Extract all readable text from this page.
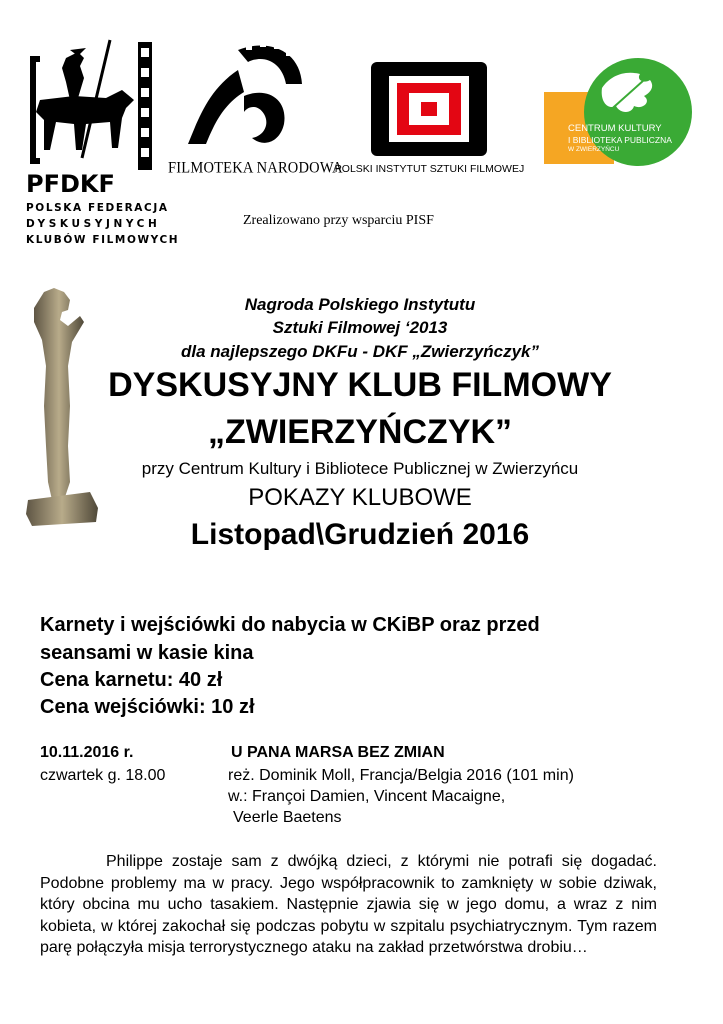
PFDKF
POLSKA FEDERACJA
DYSKUSYJNYCH
KLUBÓW FILMOWYCH
FILMOTEKA NARODOWA
POLSKI INSTYTUT SZTUKI FILMOWEJ
CENTRUM KULTURY
I BIBLIOTEKA PUBLICZNA
W ZWIERZYŃCU
Zrealizowano przy wsparciu PISF
Nagroda Polskiego Instytutu
Sztuki Filmowej ‘2013
dla najlepszego DKFu - DKF „Zwierzyńczyk”
DYSKUSYJNY KLUB FILMOWY
„ZWIERZYŃCZYK”
przy Centrum Kultury i Bibliotece Publicznej w Zwierzyńcu
POKAZY KLUBOWE
Listopad\Grudzień 2016
Karnety i wejściówki do nabycia w CKiBP oraz przed
seansami w kasie kina
Cena karnetu: 40 zł
Cena wejściówki: 10 zł
10.11.2016 r.	U PANA MARSA BEZ ZMIAN
czwartek g. 18.00	reż. Dominik Moll, Francja/Belgia 2016 (101 min)
w.: Françoi Damien, Vincent Macaigne,
Veerle Baetens

Philippe zostaje sam z dwójką dzieci, z którymi nie potrafi się dogadać. Podobne problemy ma w pracy. Jego współpracownik to zamknięty w sobie dziwak, który obcina mu ucho tasakiem. Następnie zjawia się w jego domu, a wraz z nim kobieta, w której zakochał się podczas pobytu w szpitalu psychiatrycznym. Tym razem parę połączyła misja terrorystycznego ataku na zakład przetwórstwa drobiu…
